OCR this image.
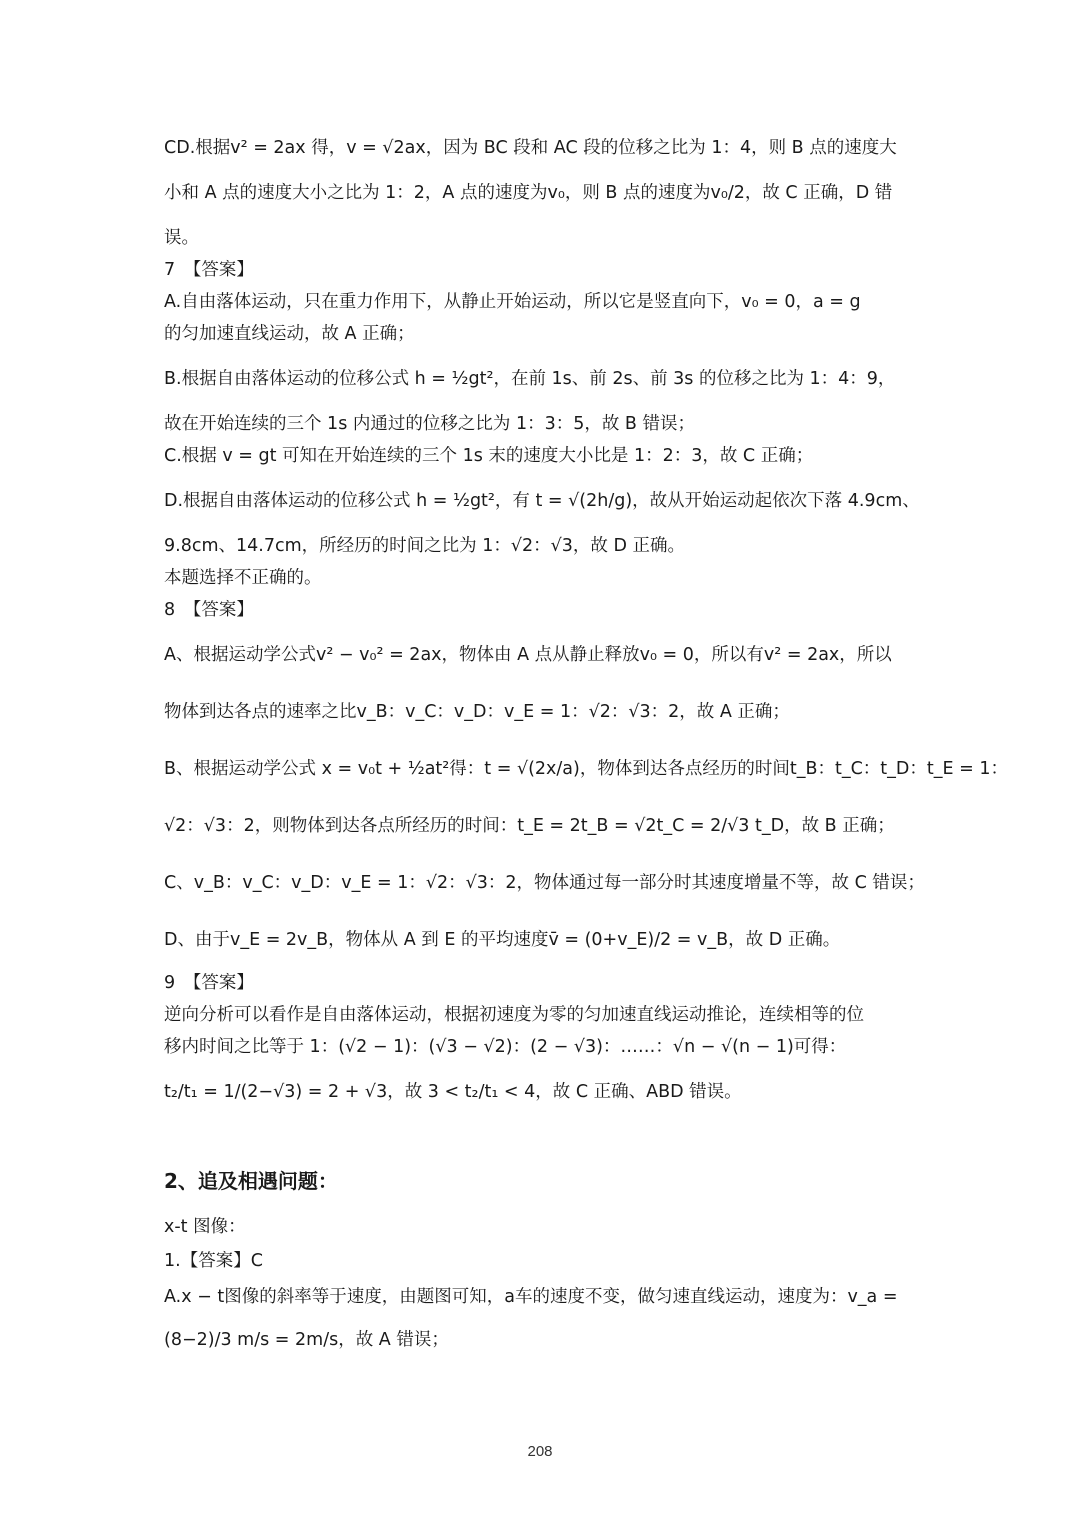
CD.根据v² = 2ax 得，v = √2ax，因为 BC 段和 AC 段的位移之比为 1：4，则 B 点的速度大
小和 A 点的速度大小之比为 1：2，A 点的速度为v₀，则 B 点的速度为v₀/2，故 C 正确，D 错
误。
7　【答案】
A.自由落体运动，只在重力作用下，从静止开始运动，所以它是竖直向下，v₀ = 0，a = g
的匀加速直线运动，故 A 正确；
B.根据自由落体运动的位移公式 h = ½gt²，在前 1s、前 2s、前 3s 的位移之比为 1：4：9，
故在开始连续的三个 1s 内通过的位移之比为 1：3：5，故 B 错误；
C.根据 v = gt 可知在开始连续的三个 1s 末的速度大小比是 1：2：3，故 C 正确；
D.根据自由落体运动的位移公式 h = ½gt²，有 t = √(2h/g)，故从开始运动起依次下落 4.9cm、
9.8cm、14.7cm，所经历的时间之比为 1：√2：√3，故 D 正确。
本题选择不正确的。
8　【答案】
A、根据运动学公式v² − v₀² = 2ax，物体由 A 点从静止释放v₀ = 0，所以有v² = 2ax，所以
物体到达各点的速率之比v_B：v_C：v_D：v_E = 1：√2：√3：2，故 A 正确；
B、根据运动学公式 x = v₀t + ½at²得：t = √(2x/a)，物体到达各点经历的时间t_B：t_C：t_D：t_E = 1：
√2：√3：2，则物体到达各点所经历的时间：t_E = 2t_B = √2t_C = 2/√3 t_D，故 B 正确；
C、v_B：v_C：v_D：v_E = 1：√2：√3：2，物体通过每一部分时其速度增量不等，故 C 错误；
D、由于v_E = 2v_B，物体从 A 到 E 的平均速度v̄ = (0+v_E)/2 = v_B，故 D 正确。
9　【答案】
逆向分析可以看作是自由落体运动，根据初速度为零的匀加速直线运动推论，连续相等的位
移内时间之比等于 1：(√2 − 1)：(√3 − √2)：(2 − √3)：……：√n − √(n − 1)可得：
t₂/t₁ = 1/(2−√3) = 2 + √3，故 3 < t₂/t₁ < 4，故 C 正确、ABD 错误。
2、追及相遇问题：
x-t 图像：
1.【答案】C
A.x − t图像的斜率等于速度，由题图可知，a车的速度不变，做匀速直线运动，速度为：v_a =
(8−2)/3 m/s = 2m/s，故 A 错误；
208
